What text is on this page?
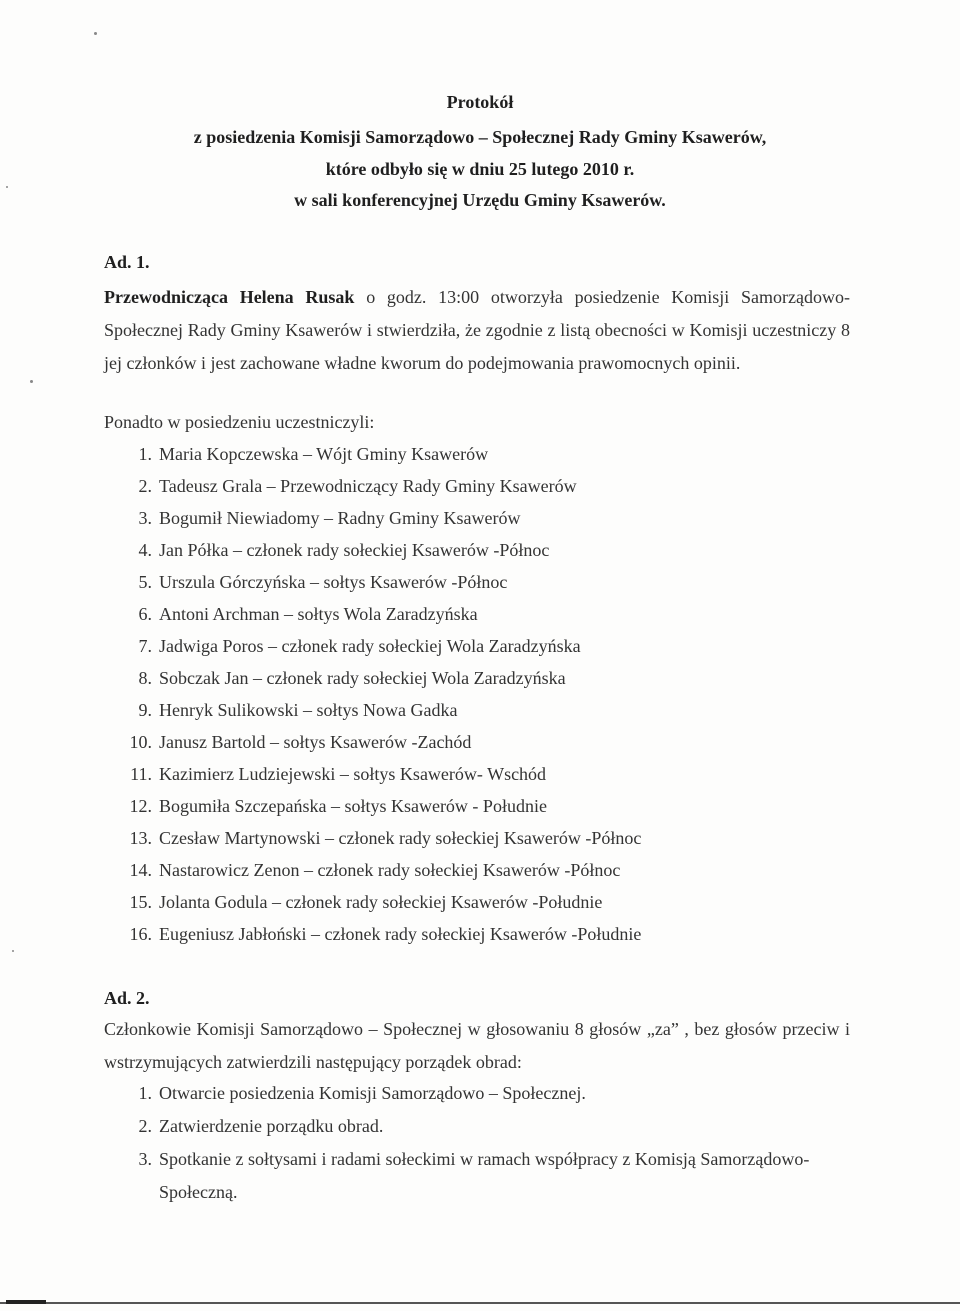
Protokół
z posiedzenia Komisji Samorządowo – Społecznej Rady Gminy Ksawerów,
które odbyło się w dniu 25 lutego 2010 r.
w sali konferencyjnej Urzędu Gminy Ksawerów.
Ad. 1.
Przewodnicząca Helena Rusak o godz. 13:00 otworzyła posiedzenie Komisji Samorządowo-Społecznej Rady Gminy Ksawerów i stwierdziła, że zgodnie z listą obecności w Komisji uczestniczy 8 jej członków i jest zachowane władne kworum do podejmowania prawomocnych opinii.
Ponadto w posiedzeniu uczestniczyli:
1. Maria Kopczewska – Wójt Gminy Ksawerów
2. Tadeusz Grala – Przewodniczący Rady Gminy Ksawerów
3. Bogumił Niewiadomy – Radny Gminy Ksawerów
4. Jan Półka – członek rady sołeckiej Ksawerów -Północ
5. Urszula Górczyńska – sołtys Ksawerów -Północ
6. Antoni Archman – sołtys Wola Zaradzyńska
7. Jadwiga Poros – członek rady sołeckiej Wola Zaradzyńska
8. Sobczak Jan – członek rady sołeckiej Wola Zaradzyńska
9. Henryk Sulikowski – sołtys Nowa Gadka
10. Janusz Bartold – sołtys Ksawerów -Zachód
11. Kazimierz Ludziejewski – sołtys Ksawerów- Wschód
12. Bogumiła Szczepańska – sołtys Ksawerów - Południe
13. Czesław Martynowski – członek rady sołeckiej Ksawerów -Północ
14. Nastarowicz Zenon – członek rady sołeckiej Ksawerów -Północ
15. Jolanta Godula – członek rady sołeckiej Ksawerów -Południe
16. Eugeniusz Jabłoński – członek rady sołeckiej Ksawerów -Południe
Ad. 2.
Członkowie Komisji Samorządowo – Społecznej w głosowaniu 8 głosów „za” , bez głosów przeciw i wstrzymujących zatwierdzili następujący porządek obrad:
1. Otwarcie posiedzenia Komisji Samorządowo – Społecznej.
2. Zatwierdzenie porządku obrad.
3. Spotkanie z sołtysami i radami sołeckimi w ramach współpracy z Komisją Samorządowo-Społeczną.
